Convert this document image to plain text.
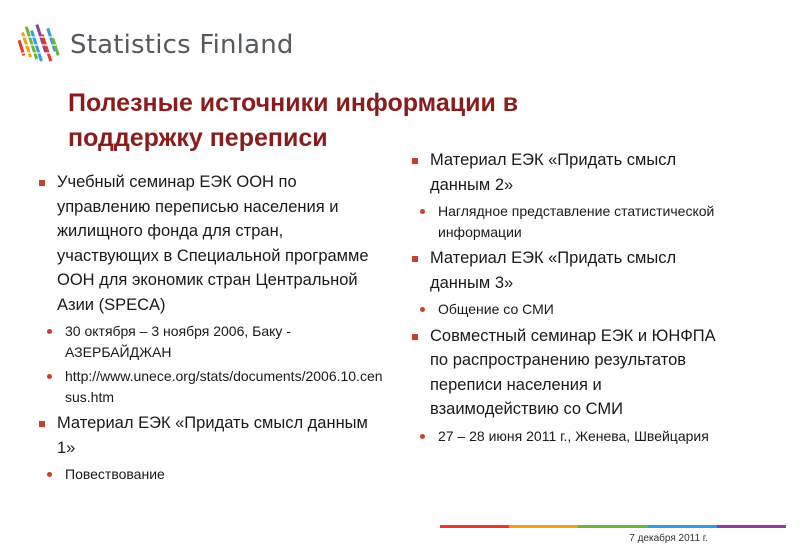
Statistics Finland
Полезные источники информации в поддержку переписи
Учебный семинар ЕЭК ООН по управлению переписью населения и жилищного фонда для стран, участвующих в Специальной программе ООН для экономик стран Центральной Азии (SPECA)
30 октября – 3 ноября 2006, Баку - АЗЕРБАЙДЖАН
http://www.unece.org/stats/documents/2006.10.census.htm
Материал ЕЭК «Придать смысл данным 1»
Повествование
Материал ЕЭК «Придать смысл данным 2»
Наглядное представление статистической информации
Материал ЕЭК «Придать смысл данным 3»
Общение со СМИ
Совместный семинар ЕЭК и ЮНФПА по распространению результатов переписи населения и взаимодействию со СМИ
27 – 28 июня 2011 г., Женева, Швейцария
7 декабря 2011 г.
